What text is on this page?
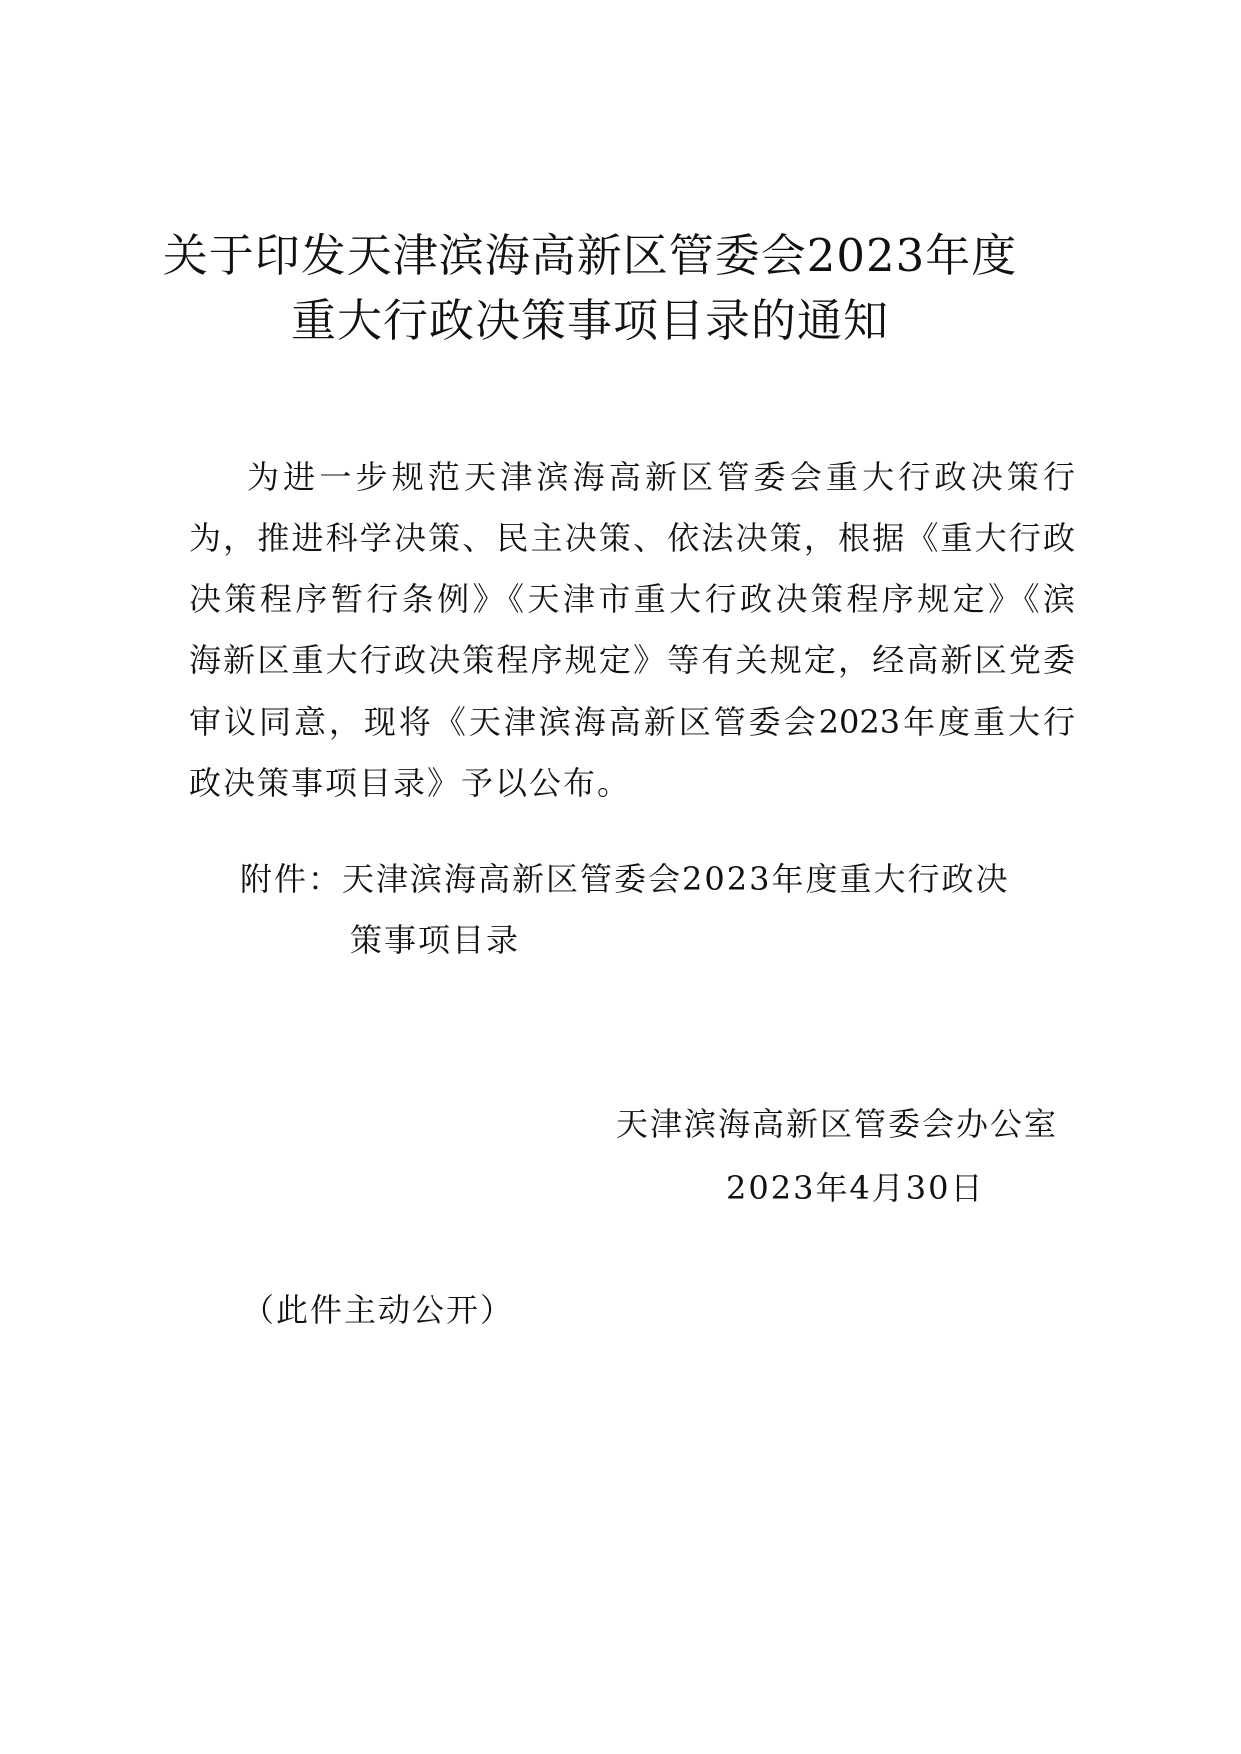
关于印发天津滨海高新区管委会2023年度
重大行政决策事项目录的通知
为进一步规范天津滨海高新区管委会重大行政决策行
为，推进科学决策、民主决策、依法决策，根据《重大行政
决策程序暂行条例》《天津市重大行政决策程序规定》《滨
海新区重大行政决策程序规定》等有关规定，经高新区党委
审议同意，现将《天津滨海高新区管委会2023年度重大行
政决策事项目录》予以公布。
附件：天津滨海高新区管委会2023年度重大行政决
策事项目录
天津滨海高新区管委会办公室
2023年4月30日
（此件主动公开）
